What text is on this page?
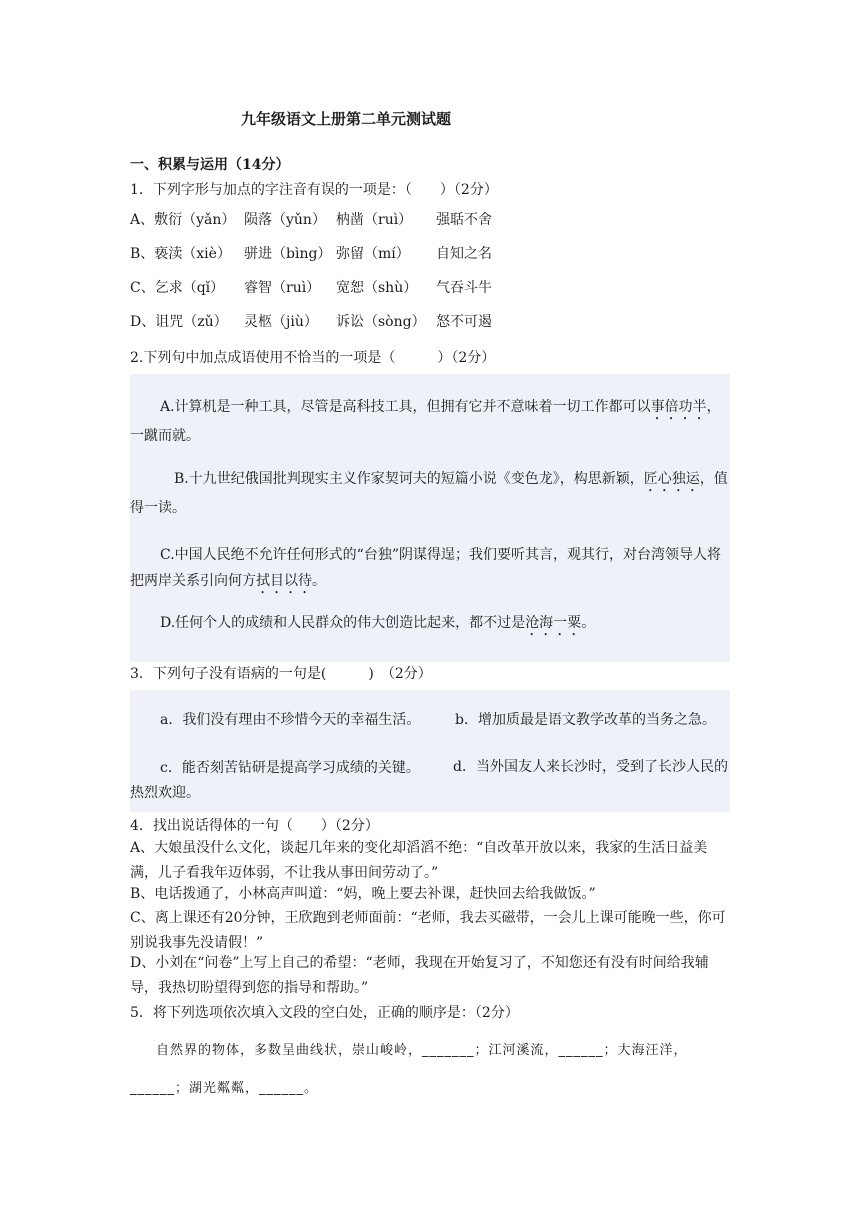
九年级语文上册第二单元测试题
一、积累与运用（14分）
1．下列字形与加点的字注音有误的一项是：（　　）（2分）
A、敷衍（yǎn） 陨落（yǔn） 枘凿（ruì） 强聒不舍
B、亵渎（xiè） 骈进（bìng） 弥留（mí） 自知之名
C、乞求（qǐ） 睿智（ruì） 宽恕（shù） 气吞斗牛
D、诅咒（zǔ） 灵柩（jiù） 诉讼（sòng） 怒不可遏
2.下列句中加点成语使用不恰当的一项是（　　　）（2分）
A.计算机是一种工具，尽管是高科技工具，但拥有它并不意味着一切工作都可以事倍功半，一蹴而就。
B.十九世纪俄国批判现实主义作家契诃夫的短篇小说《变色龙》，构思新颖，匠心独运，值得一读。
C.中国人民绝不允许任何形式的“台独”阴谋得逞；我们要听其言，观其行，对台湾领导人将把两岸关系引向何方拭目以待。
D.任何个人的成绩和人民群众的伟大创造比起来，都不过是沧海一粟。
3．下列句子没有语病的一句是(　　　)　（2分）
a．我们没有理由不珍惜今天的幸福生活。 b．增加质最是语文教学改革的当务之急。
c．能否刻苦钻研是提高学习成绩的关键。	d．当外国友人来长沙时，受到了长沙人民的热烈欢迎。
4．找出说话得体的一句（　　）（2分）
A、大娘虽没什么文化，谈起几年来的变化却滔滔不绝：“自改革开放以来，我家的生活日益美满，儿子看我年迈体弱，不让我从事田间劳动了。”
B、电话拨通了，小林高声叫道：“妈，晚上要去补课，赶快回去给我做饭。”
C、离上课还有20分钟，王欣跑到老师面前：“老师，我去买磁带，一会儿上课可能晚一些，你可别说我事先没请假！”
D、小刘在“问卷”上写上自己的希望：“老师，我现在开始复习了，不知您还有没有时间给我辅导，我热切盼望得到您的指导和帮助。”
5．将下列选项依次填入文段的空白处，正确的顺序是：（2分）
自然界的物体，多数呈曲线状，崇山峻岭，_______；江河溪流，______；大海汪洋，______；湖光粼粼，______。
